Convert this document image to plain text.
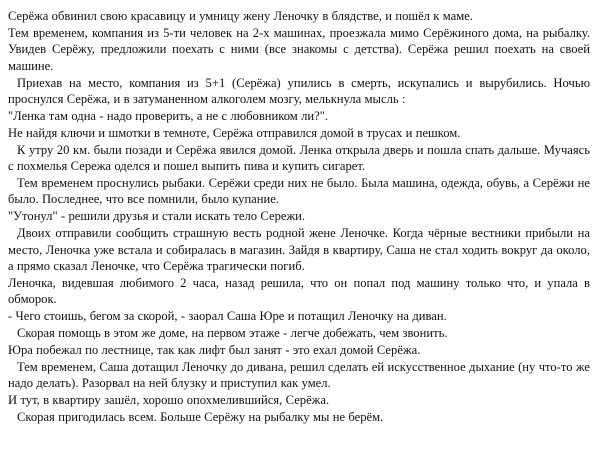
Серёжа обвинил свою красавицу и умницу жену Леночку в блядстве, и пошёл к маме.

Тем временем, компания из 5-ти человек на 2-х машинах, проезжала мимо Серёжиного дома, на рыбалку. Увидев Серёжу, предложили поехать с ними (все знакомы с детства). Серёжа решил поехать на своей машине.

Приехав на место, компания из 5+1 (Серёжа) упились в смерть, искупались и вырубились. Ночью проснулся Серёжа, и в затуманенном алкоголем мозгу, мелькнула мысль :

"Ленка там одна - надо проверить, а не с любовником ли?".

Не найдя ключи и шмотки в темноте, Серёжа отправился домой в трусах и пешком.

К утру 20 км. были позади и Серёжа явился домой. Ленка открыла дверь и пошла спать дальше. Мучаясь с похмелья Сережа оделся и пошел выпить пива и купить сигарет.

Тем временем проснулись рыбаки. Серёжи среди них не было. Была машина, одежда, обувь, а Серёжи не было. Последнее, что все помнили, было купание.

"Утонул" - решили друзья и стали искать тело Сережи.

Двоих отправили сообщить страшную весть родной жене Леночке. Когда чёрные вестники прибыли на место, Леночка уже встала и собиралась в магазин. Зайдя в квартиру, Саша не стал ходить вокруг да около, а прямо сказал Леночке, что Серёжа трагически погиб.

Леночка, видевшая любимого 2 часа, назад решила, что он попал под машину только что, и упала в обморок.

- Чего стоишь, бегом за скорой, - заорал Саша Юре и потащил Леночку на диван.

Скорая помощь в этом же доме, на первом этаже - легче добежать, чем звонить.

Юра побежал по лестнице, так как лифт был занят - это ехал домой Серёжа.

Тем временем, Саша дотащил Леночку до дивана, решил сделать ей искусственное дыхание (ну что-то же надо делать). Разорвал на ней блузку и приступил как умел.

И тут, в квартиру зашёл, хорошо опохмелившийся, Серёжа.

Скорая пригодилась всем. Больше Серёжу на рыбалку мы не берём.
